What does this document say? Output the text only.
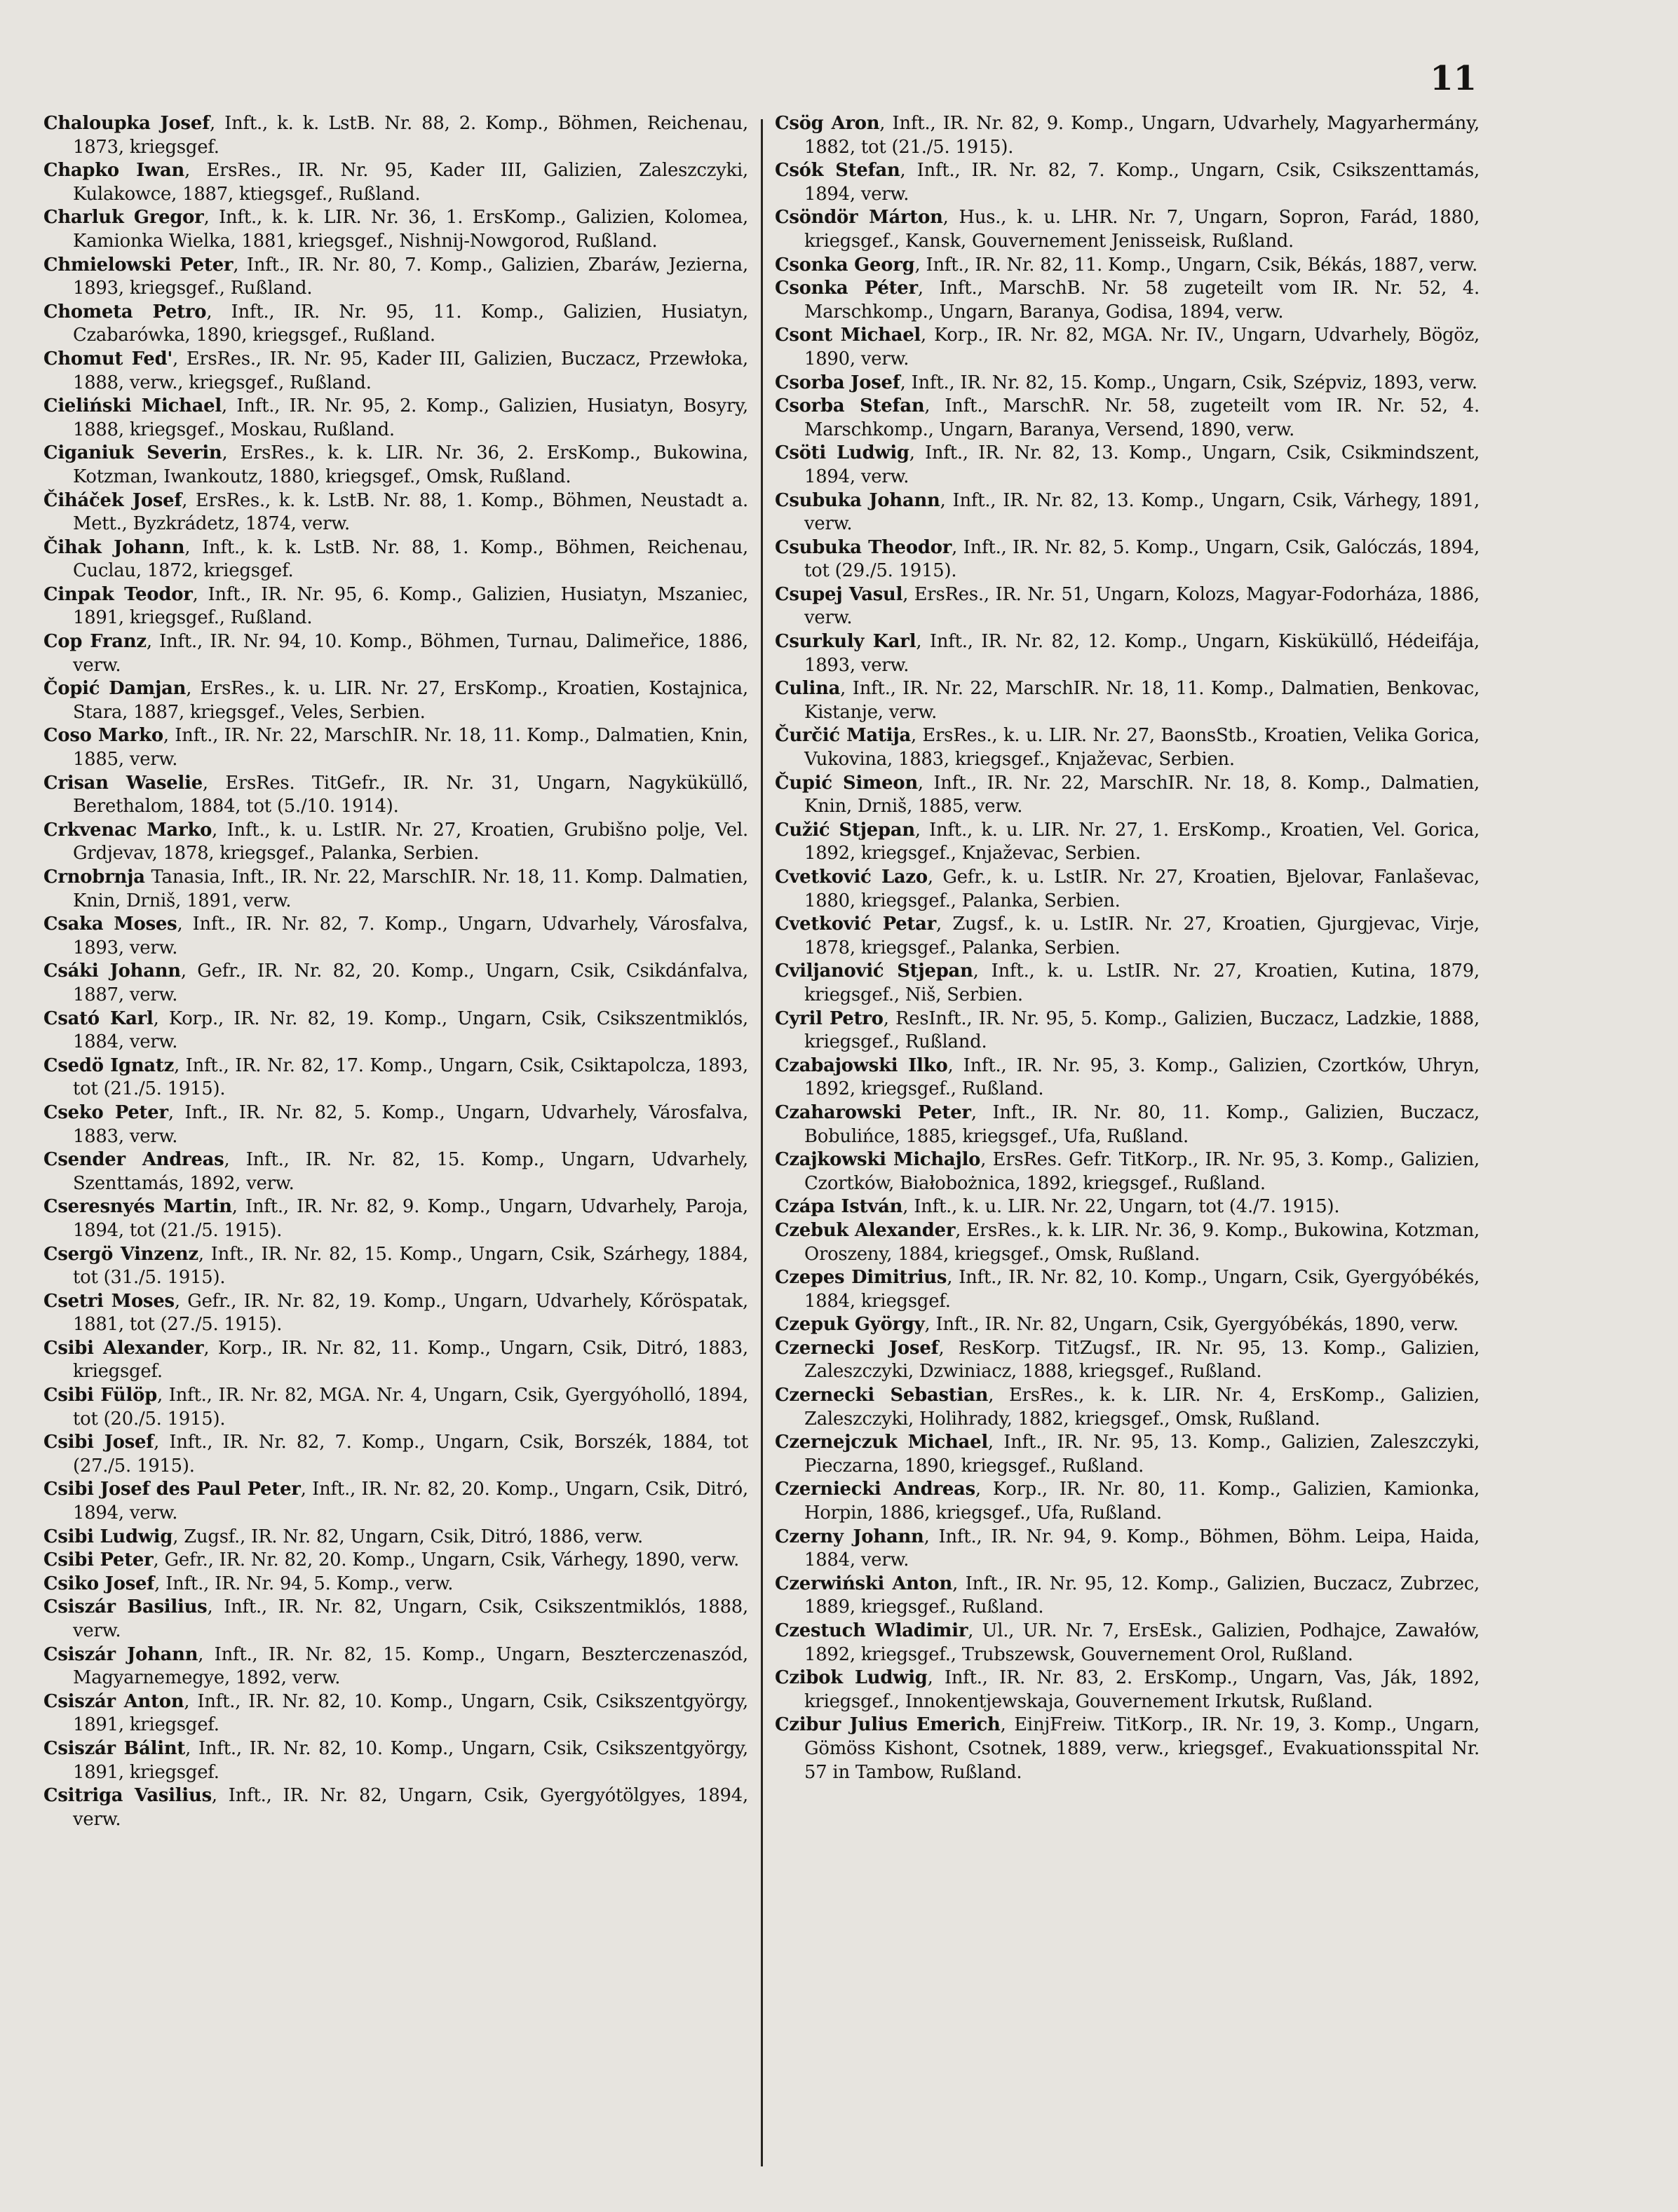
11

Chaloupka Josef, Inft., k. k. LstB. Nr. 88, 2. Komp., Böhmen, Reichenau, 1873, kriegsgef.

Chapko Iwan, ErsRes., IR. Nr. 95, Kader III, Galizien, Zaleszczyki, Kulakowce, 1887, ktiegsgef., Rußland.

Charluk Gregor, Inft., k. k. LIR. Nr. 36, 1. ErsKomp., Galizien, Kolomea, Kamionka Wielka, 1881, kriegsgef., Nishnij-Nowgorod, Rußland.

Chmielowski Peter, Inft., IR. Nr. 80, 7. Komp., Galizien, Zbaráw, Jezierna, 1893, kriegsgef., Rußland.

Chometa Petro, Inft., IR. Nr. 95, 11. Komp., Galizien, Husiatyn, Czabarówka, 1890, kriegsgef., Rußland.

Chomut Fed', ErsRes., IR. Nr. 95, Kader III, Galizien, Buczacz, Przewłoka, 1888, verw., kriegsgef., Rußland.

Cieliński Michael, Inft., IR. Nr. 95, 2. Komp., Galizien, Husiatyn, Bosyry, 1888, kriegsgef., Moskau, Rußland.

Ciganiuk Severin, ErsRes., k. k. LIR. Nr. 36, 2. ErsKomp., Bukowina, Kotzman, Iwankoutz, 1880, kriegsgef., Omsk, Rußland.

Čiháček Josef, ErsRes., k. k. LstB. Nr. 88, 1. Komp., Böhmen, Neustadt a. Mett., Byzkrádetz, 1874, verw.

Čihak Johann, Inft., k. k. LstB. Nr. 88, 1. Komp., Böhmen, Reichenau, Cuclau, 1872, kriegsgef.

Cinpak Teodor, Inft., IR. Nr. 95, 6. Komp., Galizien, Husiatyn, Mszaniec, 1891, kriegsgef., Rußland.

Cop Franz, Inft., IR. Nr. 94, 10. Komp., Böhmen, Turnau, Dalimeřice, 1886, verw.

Čopić Damjan, ErsRes., k. u. LIR. Nr. 27, ErsKomp., Kroatien, Kostajnica, Stara, 1887, kriegsgef., Veles, Serbien.

Coso Marko, Inft., IR. Nr. 22, MarschIR. Nr. 18, 11. Komp., Dalmatien, Knin, 1885, verw.

Crisan Waselie, ErsRes. TitGefr., IR. Nr. 31, Ungarn, Nagyküküllő, Berethalom, 1884, tot (5./10. 1914).

Crkvenac Marko, Inft., k. u. LstIR. Nr. 27, Kroatien, Grubišno polje, Vel. Grdjevav, 1878, kriegsgef., Palanka, Serbien.

Crnobrnja Tanasia, Inft., IR. Nr. 22, MarschIR. Nr. 18, 11. Komp. Dalmatien, Knin, Drniš, 1891, verw.

Csaka Moses, Inft., IR. Nr. 82, 7. Komp., Ungarn, Udvarhely, Városfalva, 1893, verw.

Csáki Johann, Gefr., IR. Nr. 82, 20. Komp., Ungarn, Csik, Csikdánfalva, 1887, verw.

Csató Karl, Korp., IR. Nr. 82, 19. Komp., Ungarn, Csik, Csikszentmiklós, 1884, verw.

Csedö Ignatz, Inft., IR. Nr. 82, 17. Komp., Ungarn, Csik, Csiktapolcza, 1893, tot (21./5. 1915).

Cseko Peter, Inft., IR. Nr. 82, 5. Komp., Ungarn, Udvarhely, Városfalva, 1883, verw.

Csender Andreas, Inft., IR. Nr. 82, 15. Komp., Ungarn, Udvarhely, Szenttamás, 1892, verw.

Cseresnyés Martin, Inft., IR. Nr. 82, 9. Komp., Ungarn, Udvarhely, Paroja, 1894, tot (21./5. 1915).

Csergö Vinzenz, Inft., IR. Nr. 82, 15. Komp., Ungarn, Csik, Szárhegy, 1884, tot (31./5. 1915).

Csetri Moses, Gefr., IR. Nr. 82, 19. Komp., Ungarn, Udvarhely, Kőröspatak, 1881, tot (27./5. 1915).

Csibi Alexander, Korp., IR. Nr. 82, 11. Komp., Ungarn, Csik, Ditró, 1883, kriegsgef.

Csibi Fülöp, Inft., IR. Nr. 82, MGA. Nr. 4, Ungarn, Csik, Gyergyóholló, 1894, tot (20./5. 1915).

Csibi Josef, Inft., IR. Nr. 82, 7. Komp., Ungarn, Csik, Borszék, 1884, tot (27./5. 1915).

Csibi Josef des Paul Peter, Inft., IR. Nr. 82, 20. Komp., Ungarn, Csik, Ditró, 1894, verw.

Csibi Ludwig, Zugsf., IR. Nr. 82, Ungarn, Csik, Ditró, 1886, verw.

Csibi Peter, Gefr., IR. Nr. 82, 20. Komp., Ungarn, Csik, Várhegy, 1890, verw.

Csiko Josef, Inft., IR. Nr. 94, 5. Komp., verw.

Csiszár Basilius, Inft., IR. Nr. 82, Ungarn, Csik, Csikszentmiklós, 1888, verw.

Csiszár Johann, Inft., IR. Nr. 82, 15. Komp., Ungarn, Beszterczenaszód, Magyarnemegye, 1892, verw.

Csiszár Anton, Inft., IR. Nr. 82, 10. Komp., Ungarn, Csik, Csikszentgyörgy, 1891, kriegsgef.

Csiszár Bálint, Inft., IR. Nr. 82, 10. Komp., Ungarn, Csik, Csikszentgyörgy, 1891, kriegsgef.

Csitriga Vasilius, Inft., IR. Nr. 82, Ungarn, Csik, Gyergyótölgyes, 1894, verw.

Csög Aron, Inft., IR. Nr. 82, 9. Komp., Ungarn, Udvarhely, Magyarhermány, 1882, tot (21./5. 1915).

Csók Stefan, Inft., IR. Nr. 82, 7. Komp., Ungarn, Csik, Csikszenttamás, 1894, verw.

Csöndör Márton, Hus., k. u. LHR. Nr. 7, Ungarn, Sopron, Farád, 1880, kriegsgef., Kansk, Gouvernement Jenisseisk, Rußland.

Csonka Georg, Inft., IR. Nr. 82, 11. Komp., Ungarn, Csik, Békás, 1887, verw.

Csonka Péter, Inft., MarschB. Nr. 58 zugeteilt vom IR. Nr. 52, 4. Marschkomp., Ungarn, Baranya, Godisa, 1894, verw.

Csont Michael, Korp., IR. Nr. 82, MGA. Nr. IV., Ungarn, Udvarhely, Bögöz, 1890, verw.

Csorba Josef, Inft., IR. Nr. 82, 15. Komp., Ungarn, Csik, Szépviz, 1893, verw.

Csorba Stefan, Inft., MarschR. Nr. 58, zugeteilt vom IR. Nr. 52, 4. Marschkomp., Ungarn, Baranya, Versend, 1890, verw.

Csöti Ludwig, Inft., IR. Nr. 82, 13. Komp., Ungarn, Csik, Csikmindszent, 1894, verw.

Csubuka Johann, Inft., IR. Nr. 82, 13. Komp., Ungarn, Csik, Várhegy, 1891, verw.

Csubuka Theodor, Inft., IR. Nr. 82, 5. Komp., Ungarn, Csik, Galóczás, 1894, tot (29./5. 1915).

Csupej Vasul, ErsRes., IR. Nr. 51, Ungarn, Kolozs, Magyar-Fodorháza, 1886, verw.

Csurkuly Karl, Inft., IR. Nr. 82, 12. Komp., Ungarn, Kisküküllő, Hédeifája, 1893, verw.

Culina, Inft., IR. Nr. 22, MarschIR. Nr. 18, 11. Komp., Dalmatien, Benkovac, Kistanje, verw.

Čurčić Matija, ErsRes., k. u. LIR. Nr. 27, BaonsStb., Kroatien, Velika Gorica, Vukovina, 1883, kriegsgef., Knjaževac, Serbien.

Čupić Simeon, Inft., IR. Nr. 22, MarschIR. Nr. 18, 8. Komp., Dalmatien, Knin, Drniš, 1885, verw.

Cužić Stjepan, Inft., k. u. LIR. Nr. 27, 1. ErsKomp., Kroatien, Vel. Gorica, 1892, kriegsgef., Knjaževac, Serbien.

Cvetković Lazo, Gefr., k. u. LstIR. Nr. 27, Kroatien, Bjelovar, Fanlaševac, 1880, kriegsgef., Palanka, Serbien.

Cvetković Petar, Zugsf., k. u. LstIR. Nr. 27, Kroatien, Gjurgjevac, Virje, 1878, kriegsgef., Palanka, Serbien.

Cviljanović Stjepan, Inft., k. u. LstIR. Nr. 27, Kroatien, Kutina, 1879, kriegsgef., Niš, Serbien.

Cyril Petro, ResInft., IR. Nr. 95, 5. Komp., Galizien, Buczacz, Ladzkie, 1888, kriegsgef., Rußland.

Czabajowski Ilko, Inft., IR. Nr. 95, 3. Komp., Galizien, Czortków, Uhryn, 1892, kriegsgef., Rußland.

Czaharowski Peter, Inft., IR. Nr. 80, 11. Komp., Galizien, Buczacz, Bobulińce, 1885, kriegsgef., Ufa, Rußland.

Czajkowski Michajlo, ErsRes. Gefr. TitKorp., IR. Nr. 95, 3. Komp., Galizien, Czortków, Białobożnica, 1892, kriegsgef., Rußland.

Czápa István, Inft., k. u. LIR. Nr. 22, Ungarn, tot (4./7. 1915).

Czebuk Alexander, ErsRes., k. k. LIR. Nr. 36, 9. Komp., Bukowina, Kotzman, Oroszeny, 1884, kriegsgef., Omsk, Rußland.

Czepes Dimitrius, Inft., IR. Nr. 82, 10. Komp., Ungarn, Csik, Gyergyóbékés, 1884, kriegsgef.

Czepuk György, Inft., IR. Nr. 82, Ungarn, Csik, Gyergyóbékás, 1890, verw.

Czernecki Josef, ResKorp. TitZugsf., IR. Nr. 95, 13. Komp., Galizien, Zaleszczyki, Dzwiniacz, 1888, kriegsgef., Rußland.

Czernecki Sebastian, ErsRes., k. k. LIR. Nr. 4, ErsKomp., Galizien, Zaleszczyki, Holihrady, 1882, kriegsgef., Omsk, Rußland.

Czernejczuk Michael, Inft., IR. Nr. 95, 13. Komp., Galizien, Zaleszczyki, Pieczarna, 1890, kriegsgef., Rußland.

Czerniecki Andreas, Korp., IR. Nr. 80, 11. Komp., Galizien, Kamionka, Horpin, 1886, kriegsgef., Ufa, Rußland.

Czerny Johann, Inft., IR. Nr. 94, 9. Komp., Böhmen, Böhm. Leipa, Haida, 1884, verw.

Czerwiński Anton, Inft., IR. Nr. 95, 12. Komp., Galizien, Buczacz, Zubrzec, 1889, kriegsgef., Rußland.

Czestuch Wladimir, Ul., UR. Nr. 7, ErsEsk., Galizien, Podhajce, Zawałów, 1892, kriegsgef., Trubszewsk, Gouvernement Orol, Rußland.

Czibok Ludwig, Inft., IR. Nr. 83, 2. ErsKomp., Ungarn, Vas, Ják, 1892, kriegsgef., Innokentjewskaja, Gouvernement Irkutsk, Rußland.

Czibur Julius Emerich, EinjFreiw. TitKorp., IR. Nr. 19, 3. Komp., Ungarn, Gömöss Kishont, Csotnek, 1889, verw., kriegsgef., Evakuationsspital Nr. 57 in Tambow, Rußland.
